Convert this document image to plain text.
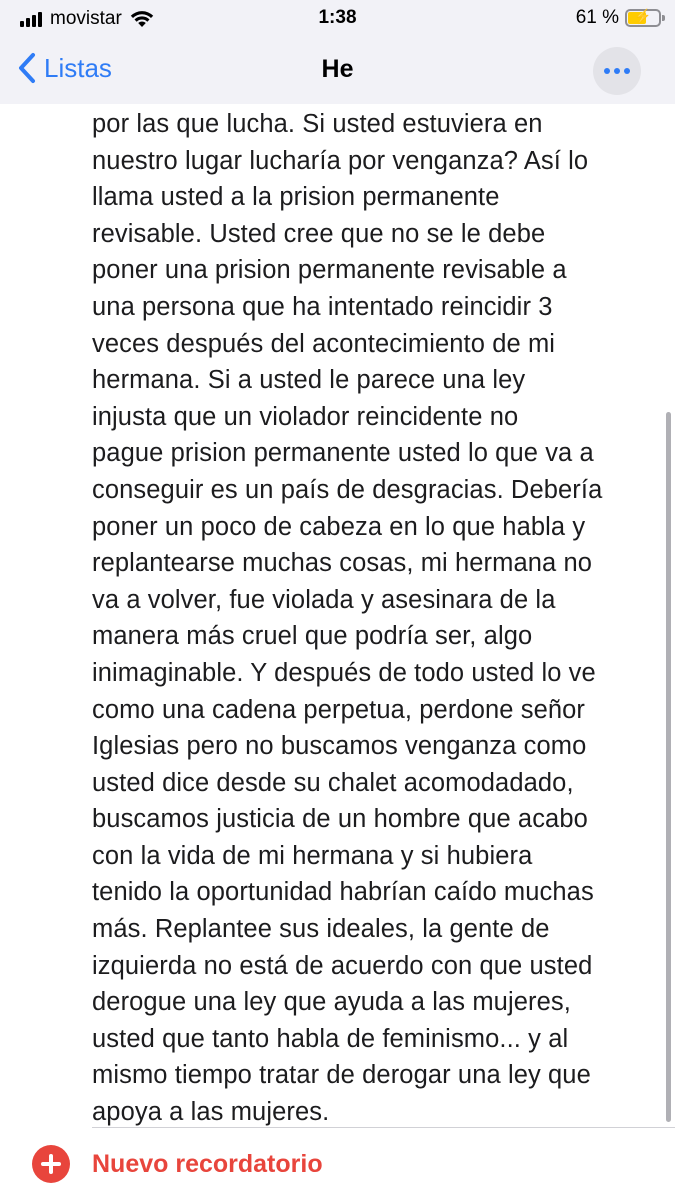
movistar	1:38	61 %	⚡
Listas	He
por las que lucha. Si usted estuviera en
nuestro lugar lucharía por venganza? Así lo
llama usted a la prision permanente
revisable. Usted cree que no se le debe
poner una prision permanente revisable a
una persona que ha intentado reincidir 3
veces después del acontecimiento de mi
hermana. Si a usted le parece una ley
injusta que un violador reincidente no
pague prision permanente usted lo que va a
conseguir es un país de desgracias. Debería
poner un poco de cabeza en lo que habla y
replantearse muchas cosas, mi hermana no
va a volver, fue violada y asesinara de la
manera más cruel que podría ser, algo
inimaginable. Y después de todo usted lo ve
como una cadena perpetua, perdone señor
Iglesias pero no buscamos venganza como
usted dice desde su chalet acomodadado,
buscamos justicia de un hombre que acabo
con la vida de mi hermana y si hubiera
tenido la oportunidad habrían caído muchas
más. Replantee sus ideales, la gente de
izquierda no está de acuerdo con que usted
derogue una ley que ayuda a las mujeres,
usted que tanto habla de feminismo... y al
mismo tiempo tratar de derogar una ley que
apoya a las mujeres.
Nuevo recordatorio
